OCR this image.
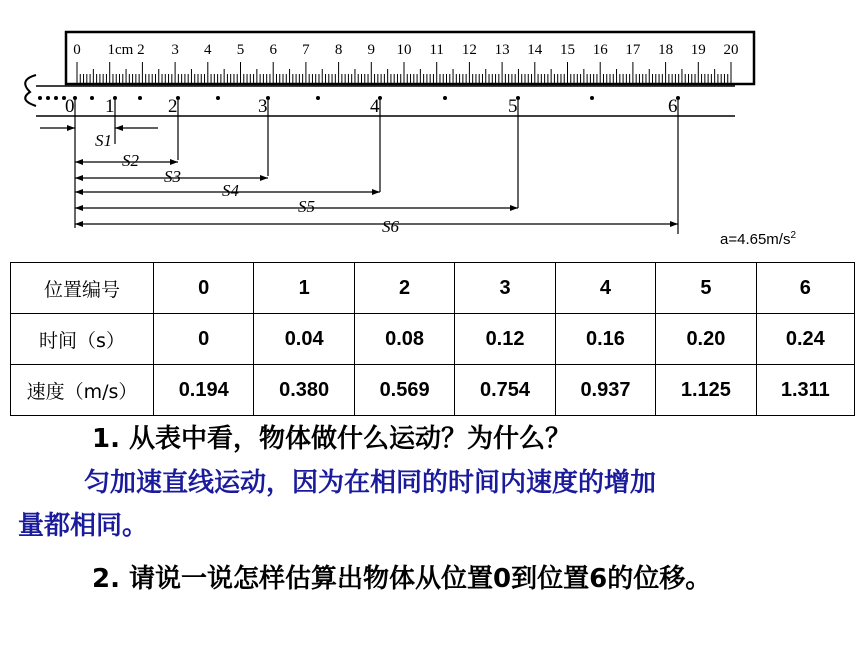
0 1cm 2 3 4 5 6 7 8 9 10 11 12 13 14 15 16 17 18 19 20
0 1	2	3	4	5	6
S1
S2
S3
S4
S5
S6
$a=4.65m/s^2$
位置编号	0	1	2	3	4	5	6
时间（s）	0	0.04	0.08	0.12	0.16	0.20	0.24
速度（m/s）	0.194	0.380	0.569	0.754	0.937	1.125	1.311
1. 从表中看，物体做什么运动？为什么？
匀加速直线运动，因为在相同的时间内速度的增加
量都相同。
2. 请说一说怎样估算出物体从位置0到位置6的位移。
